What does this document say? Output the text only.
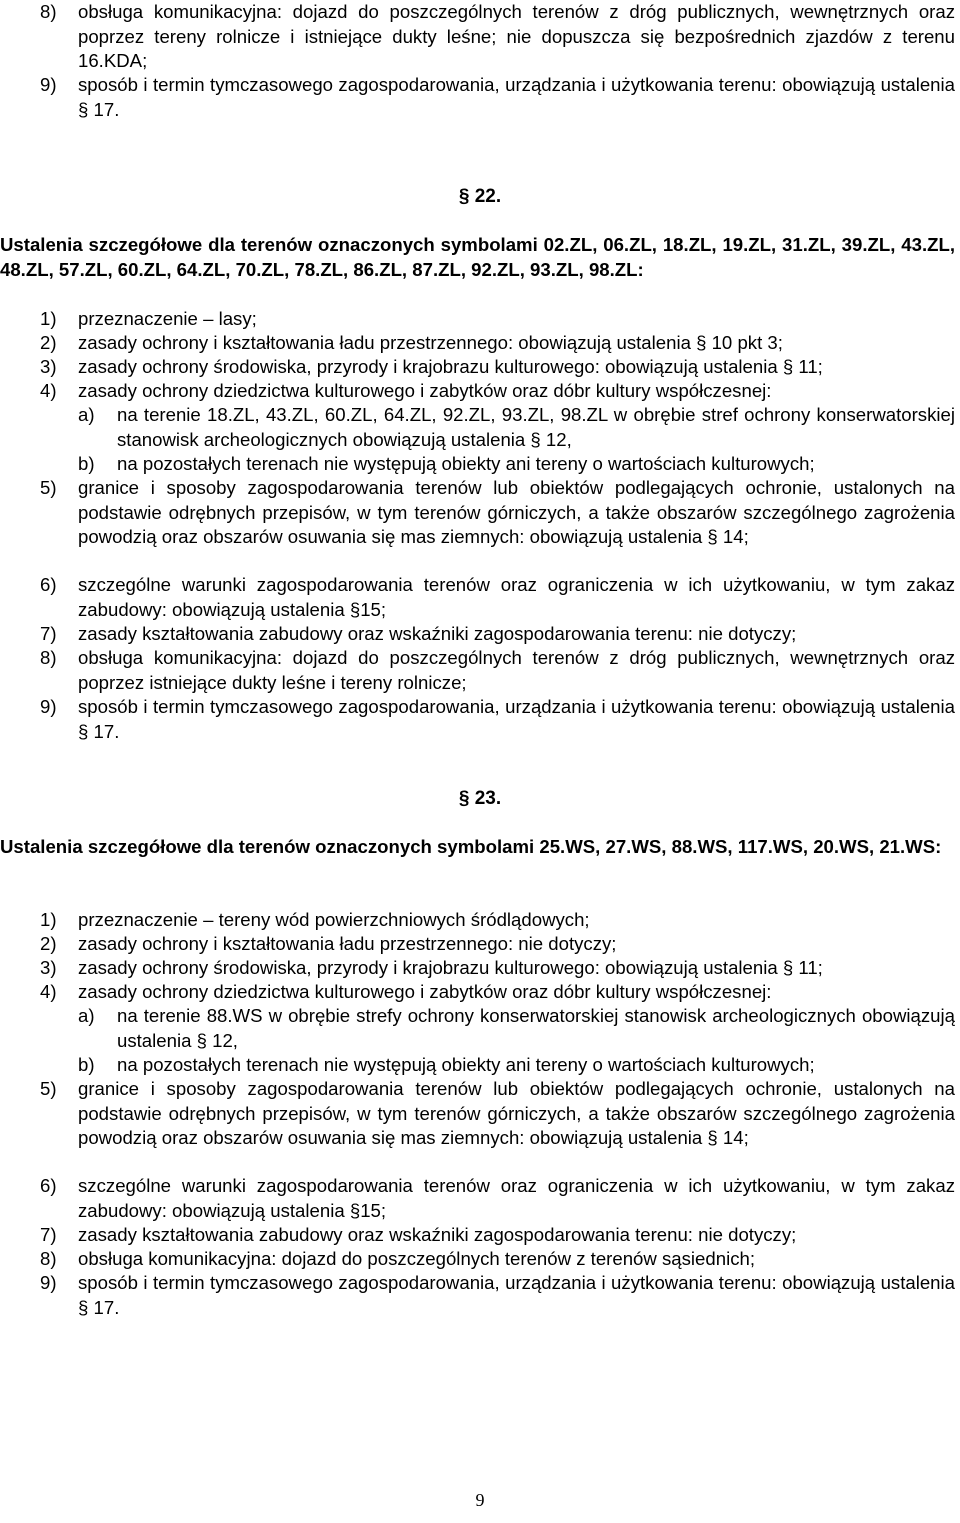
8) obsługa komunikacyjna: dojazd do poszczególnych terenów z dróg publicznych, wewnętrznych oraz poprzez tereny rolnicze i istniejące dukty leśne; nie dopuszcza się bezpośrednich zjazdów z terenu 16.KDA;
9) sposób i termin tymczasowego zagospodarowania, urządzania i użytkowania terenu: obowiązują ustalenia § 17.
§ 22.
Ustalenia szczegółowe dla terenów oznaczonych symbolami 02.ZL, 06.ZL, 18.ZL, 19.ZL, 31.ZL, 39.ZL, 43.ZL, 48.ZL, 57.ZL, 60.ZL, 64.ZL, 70.ZL, 78.ZL, 86.ZL, 87.ZL, 92.ZL, 93.ZL, 98.ZL:
1) przeznaczenie – lasy;
2) zasady ochrony i kształtowania ładu przestrzennego: obowiązują ustalenia § 10 pkt 3;
3) zasady ochrony środowiska, przyrody i krajobrazu kulturowego: obowiązują ustalenia § 11;
4) zasady ochrony dziedzictwa kulturowego i zabytków oraz dóbr kultury współczesnej:
a) na terenie 18.ZL, 43.ZL, 60.ZL, 64.ZL, 92.ZL, 93.ZL, 98.ZL w obrębie stref ochrony konserwatorskiej stanowisk archeologicznych obowiązują ustalenia § 12,
b) na pozostałych terenach nie występują obiekty ani tereny o wartościach kulturowych;
5) granice i sposoby zagospodarowania terenów lub obiektów podlegających ochronie, ustalonych na podstawie odrębnych przepisów, w tym terenów górniczych, a także obszarów szczególnego zagrożenia powodzią oraz obszarów osuwania się mas ziemnych: obowiązują ustalenia § 14;
6) szczególne warunki zagospodarowania terenów oraz ograniczenia w ich użytkowaniu, w tym zakaz zabudowy: obowiązują ustalenia §15;
7) zasady kształtowania zabudowy oraz wskaźniki zagospodarowania terenu: nie dotyczy;
8) obsługa komunikacyjna: dojazd do poszczególnych terenów z dróg publicznych, wewnętrznych oraz poprzez istniejące dukty leśne i tereny rolnicze;
9) sposób i termin tymczasowego zagospodarowania, urządzania i użytkowania terenu: obowiązują ustalenia § 17.
§ 23.
Ustalenia szczegółowe dla terenów oznaczonych symbolami 25.WS, 27.WS, 88.WS, 117.WS, 20.WS, 21.WS:
1) przeznaczenie – tereny wód powierzchniowych śródlądowych;
2) zasady ochrony i kształtowania ładu przestrzennego: nie dotyczy;
3) zasady ochrony środowiska, przyrody i krajobrazu kulturowego: obowiązują ustalenia § 11;
4) zasady ochrony dziedzictwa kulturowego i zabytków oraz dóbr kultury współczesnej:
a) na terenie 88.WS w obrębie strefy ochrony konserwatorskiej stanowisk archeologicznych obowiązują ustalenia § 12,
b) na pozostałych terenach nie występują obiekty ani tereny o wartościach kulturowych;
5) granice i sposoby zagospodarowania terenów lub obiektów podlegających ochronie, ustalonych na podstawie odrębnych przepisów, w tym terenów górniczych, a także obszarów szczególnego zagrożenia powodzią oraz obszarów osuwania się mas ziemnych: obowiązują ustalenia § 14;
6) szczególne warunki zagospodarowania terenów oraz ograniczenia w ich użytkowaniu, w tym zakaz zabudowy: obowiązują ustalenia §15;
7) zasady kształtowania zabudowy oraz wskaźniki zagospodarowania terenu: nie dotyczy;
8) obsługa komunikacyjna: dojazd do poszczególnych terenów z terenów sąsiednich;
9) sposób i termin tymczasowego zagospodarowania, urządzania i użytkowania terenu: obowiązują ustalenia § 17.
9
